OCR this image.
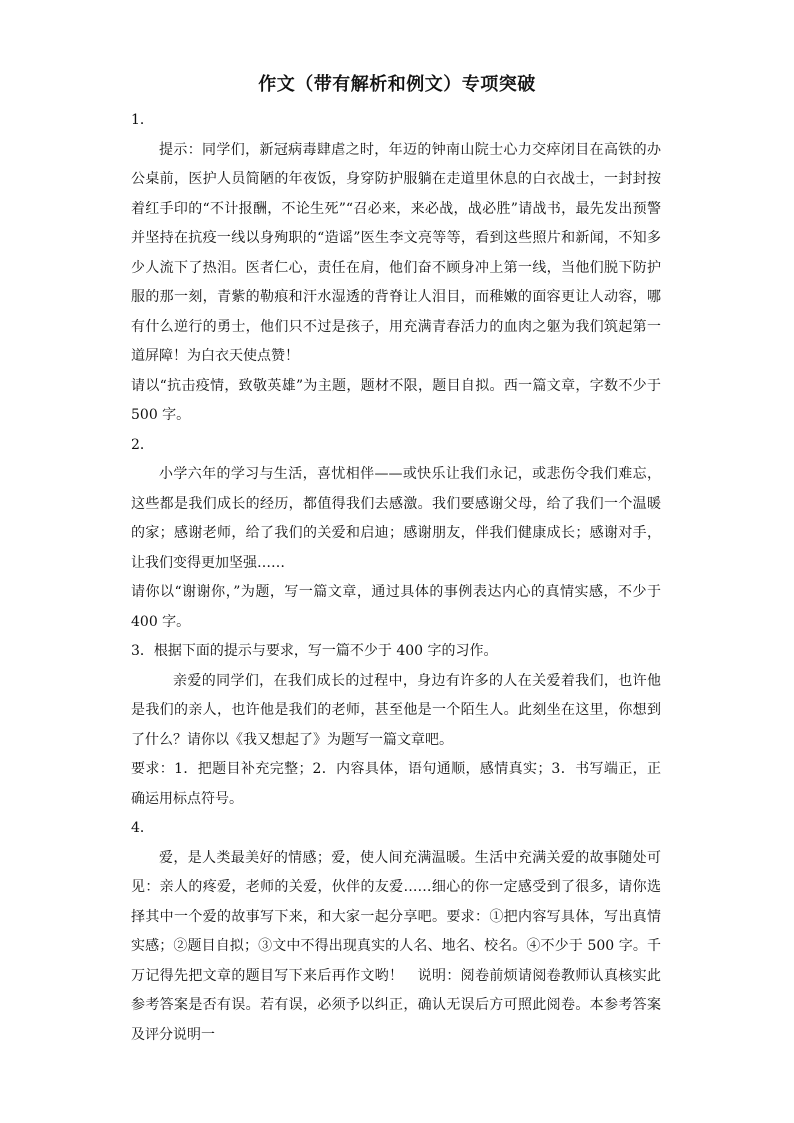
作文（带有解析和例文）专项突破

1．

提示：同学们，新冠病毒肆虐之时，年迈的钟南山院士心力交瘁闭目在高铁的办公桌前，医护人员简陋的年夜饭，身穿防护服躺在走道里休息的白衣战士，一封封按着红手印的“不计报酬，不论生死”“召必来，来必战，战必胜”请战书，最先发出预警并坚持在抗疫一线以身殉职的“造谣”医生李文亮等等，看到这些照片和新闻，不知多少人流下了热泪。医者仁心，责任在肩，他们奋不顾身冲上第一线，当他们脱下防护服的那一刻，青紫的勒痕和汗水湿透的背脊让人泪目，而稚嫩的面容更让人动容，哪有什么逆行的勇士，他们只不过是孩子，用充满青春活力的血肉之躯为我们筑起第一道屏障！为白衣天使点赞！

请以“抗击疫情，致敬英雄”为主题，题材不限，题目自拟。西一篇文章，字数不少于 500 字。

2．

小学六年的学习与生活，喜忧相伴——或快乐让我们永记，或悲伤令我们难忘，这些都是我们成长的经历，都值得我们去感激。我们要感谢父母，给了我们一个温暖的家；感谢老师，给了我们的关爱和启迪；感谢朋友，伴我们健康成长；感谢对手，让我们变得更加坚强……

请你以“谢谢你，”为题，写一篇文章，通过具体的事例表达内心的真情实感，不少于 400 字。

3．根据下面的提示与要求，写一篇不少于 400 字的习作。

亲爱的同学们，在我们成长的过程中，身边有许多的人在关爱着我们，也许他是我们的亲人，也许他是我们的老师，甚至他是一个陌生人。此刻坐在这里，你想到了什么？请你以《我又想起了》为题写一篇文章吧。

要求：1．把题目补充完整；2．内容具体，语句通顺，感情真实；3．书写端正，正确运用标点符号。

4．

爱，是人类最美好的情感；爱，使人间充满温暖。生活中充满关爱的故事随处可见：亲人的疼爱，老师的关爱，伙伴的友爱……细心的你一定感受到了很多，请你选择其中一个爱的故事写下来，和大家一起分享吧。要求：①把内容写具体，写出真情实感；②题目自拟；③文中不得出现真实的人名、地名、校名。④不少于 500 字。千万记得先把文章的题目写下来后再作文哟！　说明：阅卷前烦请阅卷教师认真核实此参考答案是否有误。若有误，必须予以纠正，确认无误后方可照此阅卷。本参考答案及评分说明一
